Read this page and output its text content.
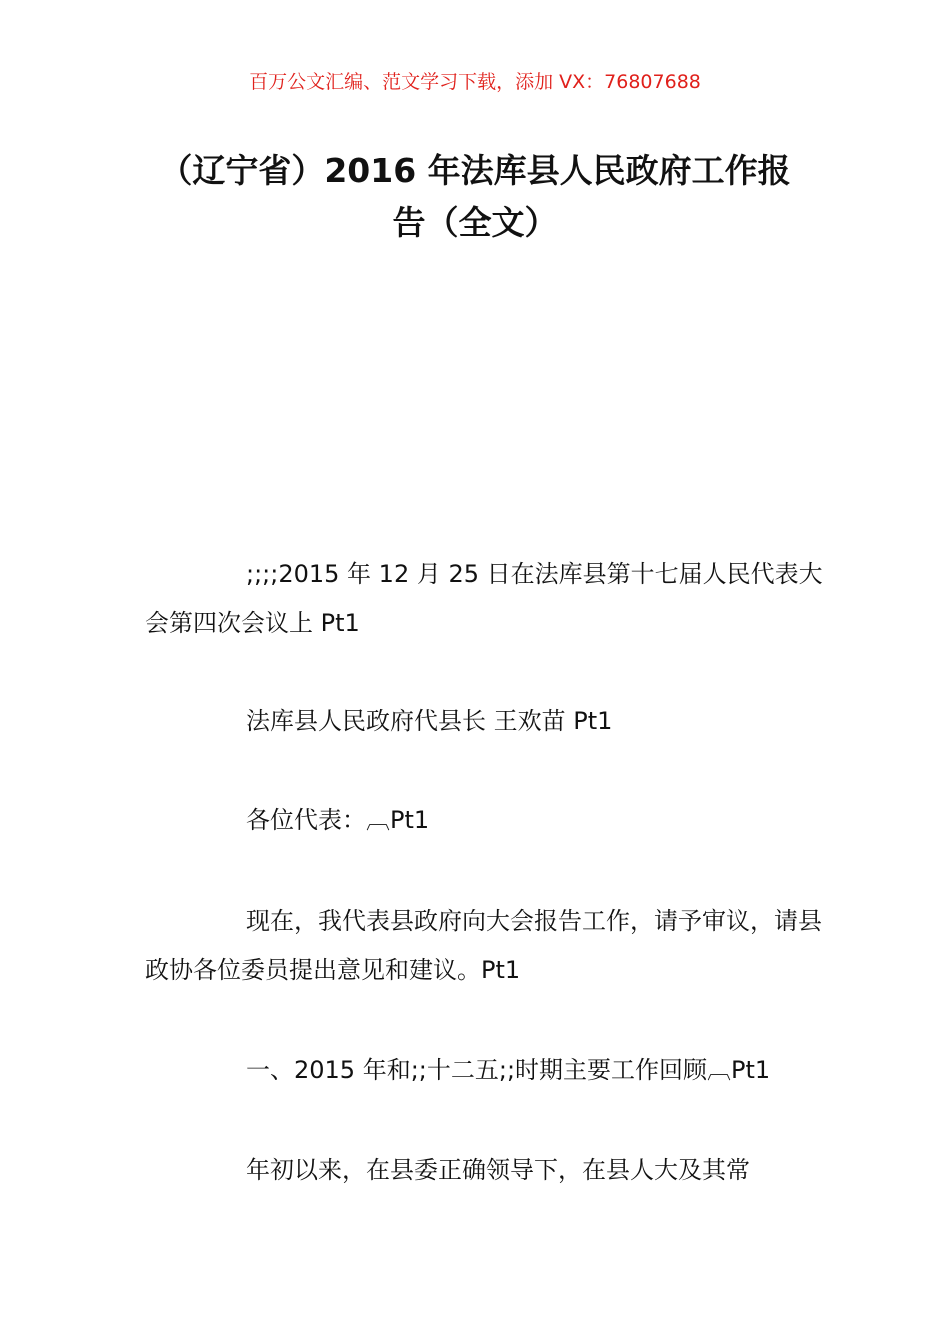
百万公文汇编、范文学习下载，添加 VX：76807688
（辽宁省）2016 年法库县人民政府工作报
告（全文）
;;;;2015 年 12 月 25 日在法库县第十七届人民代表大会第四次会议上 Pt1
法库县人民政府代县长 王欢苗 Pt1
各位代表：︹Pt1
现在，我代表县政府向大会报告工作，请予审议，请县政协各位委员提出意见和建议。Pt1
一、2015 年和;;十二五;;时期主要工作回顾︹Pt1
年初以来，在县委正确领导下，在县人大及其常
